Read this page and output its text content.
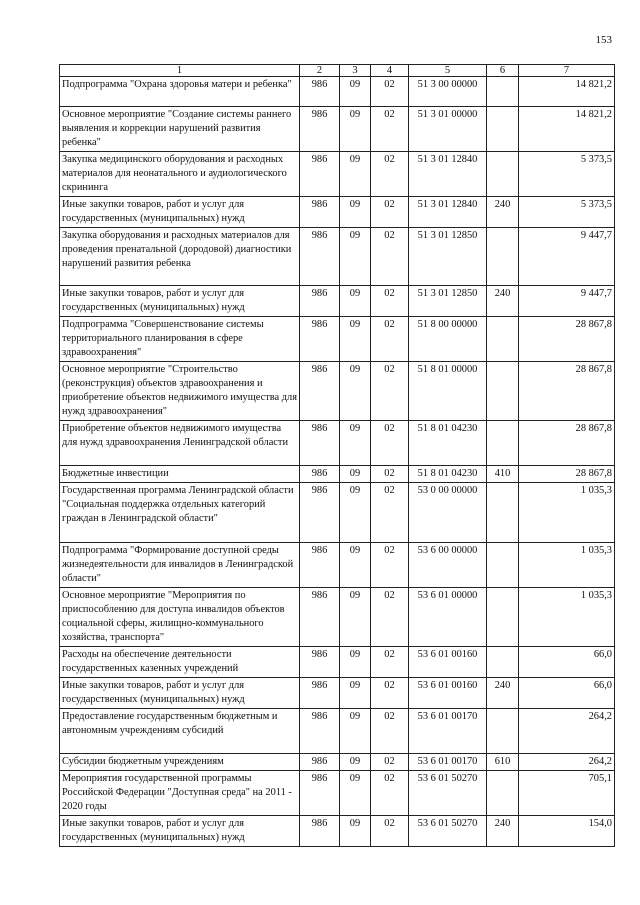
153
1	2	3	4	5	6	7
Подпрограмма "Охрана здоровья матери и ребенка"	986	09	02	51 3 00 00000		14 821,2
Основное мероприятие "Создание системы раннего выявления и коррекции нарушений развития ребенка"	986	09	02	51 3 01 00000		14 821,2
Закупка медицинского оборудования и расходных материалов для неонатального и аудиологического скрининга	986	09	02	51 3 01 12840		5 373,5
Иные закупки товаров, работ и услуг для государственных (муниципальных) нужд	986	09	02	51 3 01 12840	240	5 373,5
Закупка оборудования и расходных материалов для проведения пренатальной (дородовой) диагностики нарушений развития ребенка	986	09	02	51 3 01 12850		9 447,7
Иные закупки товаров, работ и услуг для государственных (муниципальных) нужд	986	09	02	51 3 01 12850	240	9 447,7
Подпрограмма "Совершенствование системы территориального планирования в сфере здравоохранения"	986	09	02	51 8 00 00000		28 867,8
Основное мероприятие "Строительство (реконструкция) объектов здравоохранения и приобретение объектов недвижимого имущества для нужд здравоохранения"	986	09	02	51 8 01 00000		28 867,8
Приобретение объектов недвижимого имущества для нужд здравоохранения Ленинградской области	986	09	02	51 8 01 04230		28 867,8
Бюджетные инвестиции	986	09	02	51 8 01 04230	410	28 867,8
Государственная программа Ленинградской области "Социальная поддержка отдельных категорий граждан в Ленинградской области"	986	09	02	53 0 00 00000		1 035,3
Подпрограмма "Формирование доступной среды жизнедеятельности для инвалидов в Ленинградской области"	986	09	02	53 6 00 00000		1 035,3
Основное мероприятие "Мероприятия по приспособлению для доступа инвалидов объектов социальной сферы, жилищно-коммунального хозяйства, транспорта"	986	09	02	53 6 01 00000		1 035,3
Расходы на обеспечение деятельности государственных казенных учреждений	986	09	02	53 6 01 00160		66,0
Иные закупки товаров, работ и услуг для государственных (муниципальных) нужд	986	09	02	53 6 01 00160	240	66,0
Предоставление государственным бюджетным и автономным учреждениям субсидий	986	09	02	53 6 01 00170		264,2
Субсидии бюджетным учреждениям	986	09	02	53 6 01 00170	610	264,2
Мероприятия государственной программы Российской Федерации "Доступная среда" на 2011 - 2020 годы	986	09	02	53 6 01 50270		705,1
Иные закупки товаров, работ и услуг для государственных (муниципальных) нужд	986	09	02	53 6 01 50270	240	154,0
